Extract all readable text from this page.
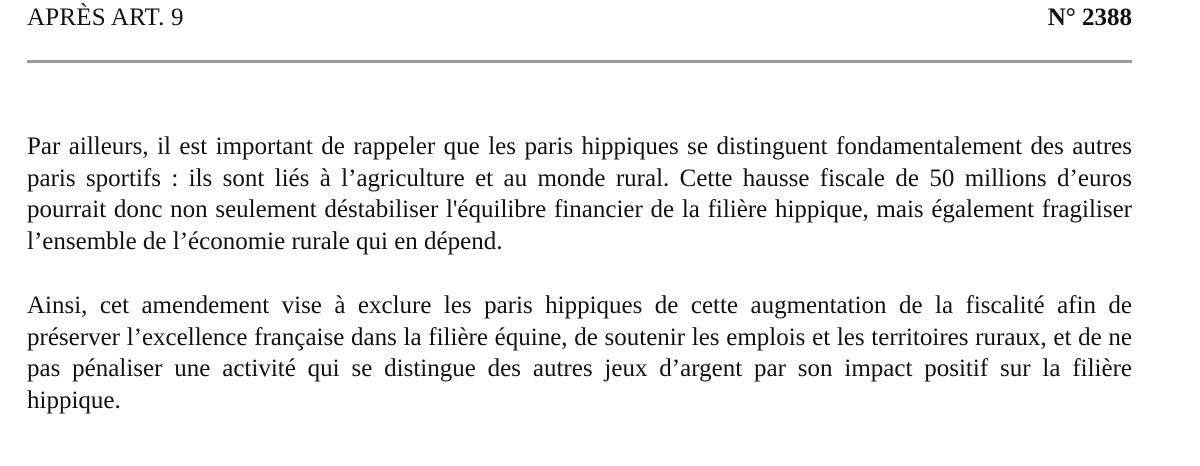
APRÈS ART. 9	N° 2388

Par ailleurs, il est important de rappeler que les paris hippiques se distinguent fondamentalement des autres paris sportifs : ils sont liés à l’agriculture et au monde rural. Cette hausse fiscale de 50 millions d’euros pourrait donc non seulement déstabiliser l'équilibre financier de la filière hippique, mais également fragiliser l’ensemble de l’économie rurale qui en dépend.

Ainsi, cet amendement vise à exclure les paris hippiques de cette augmentation de la fiscalité afin de préserver l’excellence française dans la filière équine, de soutenir les emplois et les territoires ruraux, et de ne pas pénaliser une activité qui se distingue des autres jeux d’argent par son impact positif sur la filière hippique.
